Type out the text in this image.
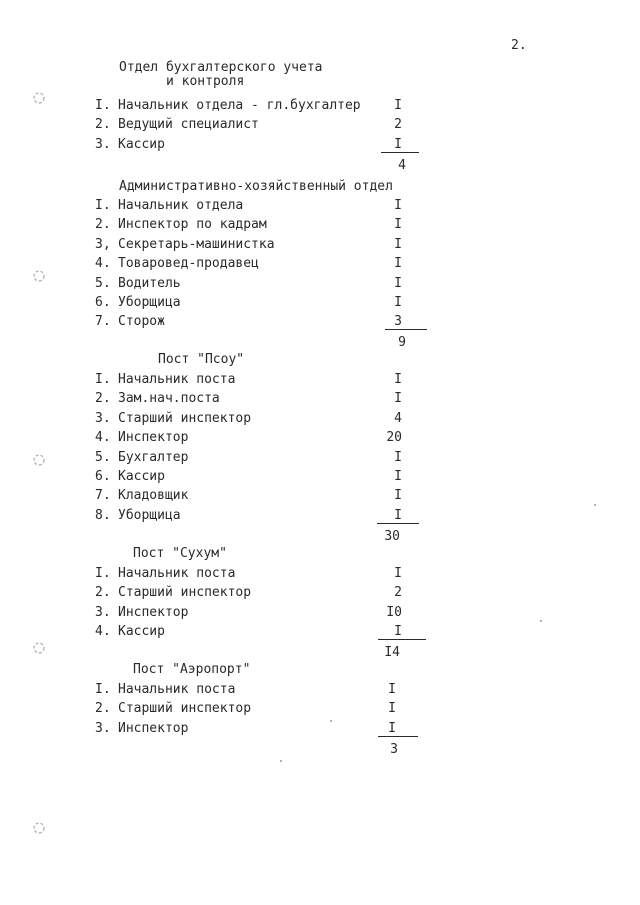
2.
Отдел бухгалтерского учета
и контроля
I. Начальник отдела - гл.бухгалтер	I
2. Ведущий специалист	2
3. Кассир	I
4
Административно-хозяйственный отдел
I. Начальник отдела	I
2. Инспектор по кадрам	I
3, Секретарь-машинистка	I
4. Товаровед-продавец	I
5. Водитель	I
6. Уборщица	I
7. Сторож	3
9
Пост "Псоу"
I. Начальник поста	I
2. Зам.нач.поста	I
3. Старший инспектор	4
4. Инспектор	20
5. Бухгалтер	I
6. Кассир	I
7. Кладовщик	I
8. Уборщица	I
30
Пост "Сухум"
I. Начальник поста	I
2. Старший инспектор	2
3. Инспектор	I0
4. Кассир	I
I4
Пост "Аэропорт"
I. Начальник поста	I
2. Старший инспектор	I
3. Инспектор	I
3
